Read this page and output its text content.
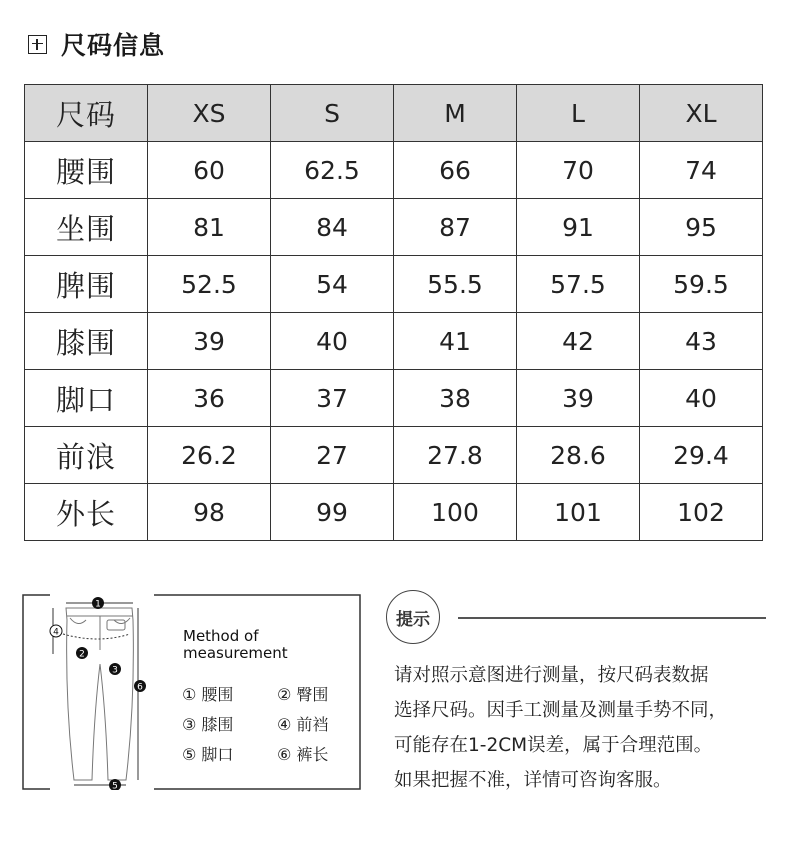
尺码信息
尺码	XS	S	M	L	XL
腰围	60	62.5	66	70	74
坐围	81	84	87	91	95
脾围	52.5	54	55.5	57.5	59.5
膝围	39	40	41	42	43
脚口	36	37	38	39	40
前浪	26.2	27	27.8	28.6	29.4
外长	98	99	100	101	102
1
4
2
3
6
5
Method of
measurement
① 腰围	② 臀围
③ 膝围	④ 前裆
⑤ 脚口	⑥ 裤长
提示
请对照示意图进行测量，按尺码表数据
选择尺码。因手工测量及测量手势不同，
可能存在1-2CM误差，属于合理范围。
如果把握不准，详情可咨询客服。
